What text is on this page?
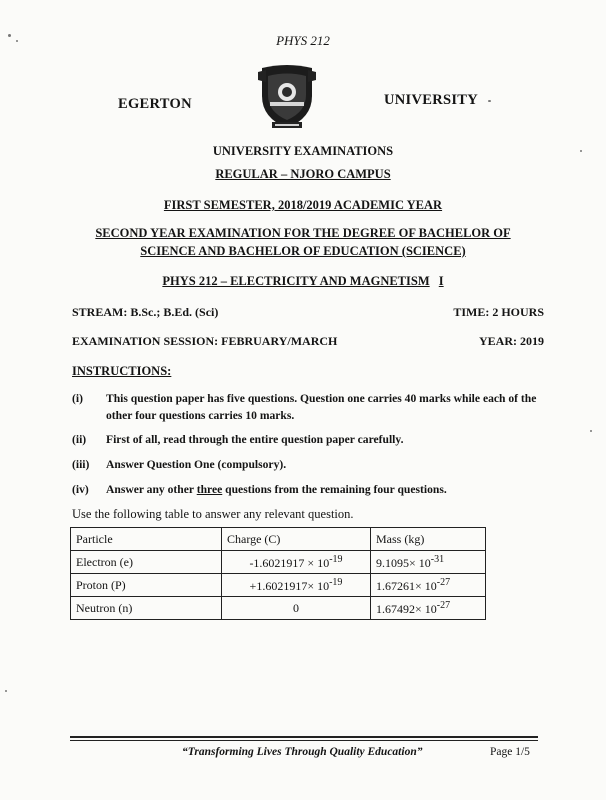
PHYS 212
EGERTON	UNIVERSITY
UNIVERSITY EXAMINATIONS
REGULAR – NJORO CAMPUS
FIRST SEMESTER, 2018/2019 ACADEMIC YEAR
SECOND YEAR EXAMINATION FOR THE DEGREE OF BACHELOR OF
SCIENCE AND BACHELOR OF EDUCATION (SCIENCE)
PHYS 212 – ELECTRICITY AND MAGNETISM I
STREAM: B.Sc.; B.Ed. (Sci)	TIME: 2 HOURS
EXAMINATION SESSION: FEBRUARY/MARCH	YEAR: 2019
INSTRUCTIONS:
(i)	This question paper has five questions. Question one carries 40 marks while each of the other four questions carries 10 marks.
(ii)	First of all, read through the entire question paper carefully.
(iii)	Answer Question One (compulsory).
(iv)	Answer any other three questions from the remaining four questions.
Use the following table to answer any relevant question.
Particle	Charge (C)	Mass (kg)
Electron (e)	$-1.6021917 \times 10^{-19}$	$9.1095\times 10^{-31}$
Proton (P)	$+1.6021917\times 10^{-19}$	$1.67261\times 10^{-27}$
Neutron (n)	0	$1.67492\times 10^{-27}$
“Transforming Lives Through Quality Education”	Page 1/5
